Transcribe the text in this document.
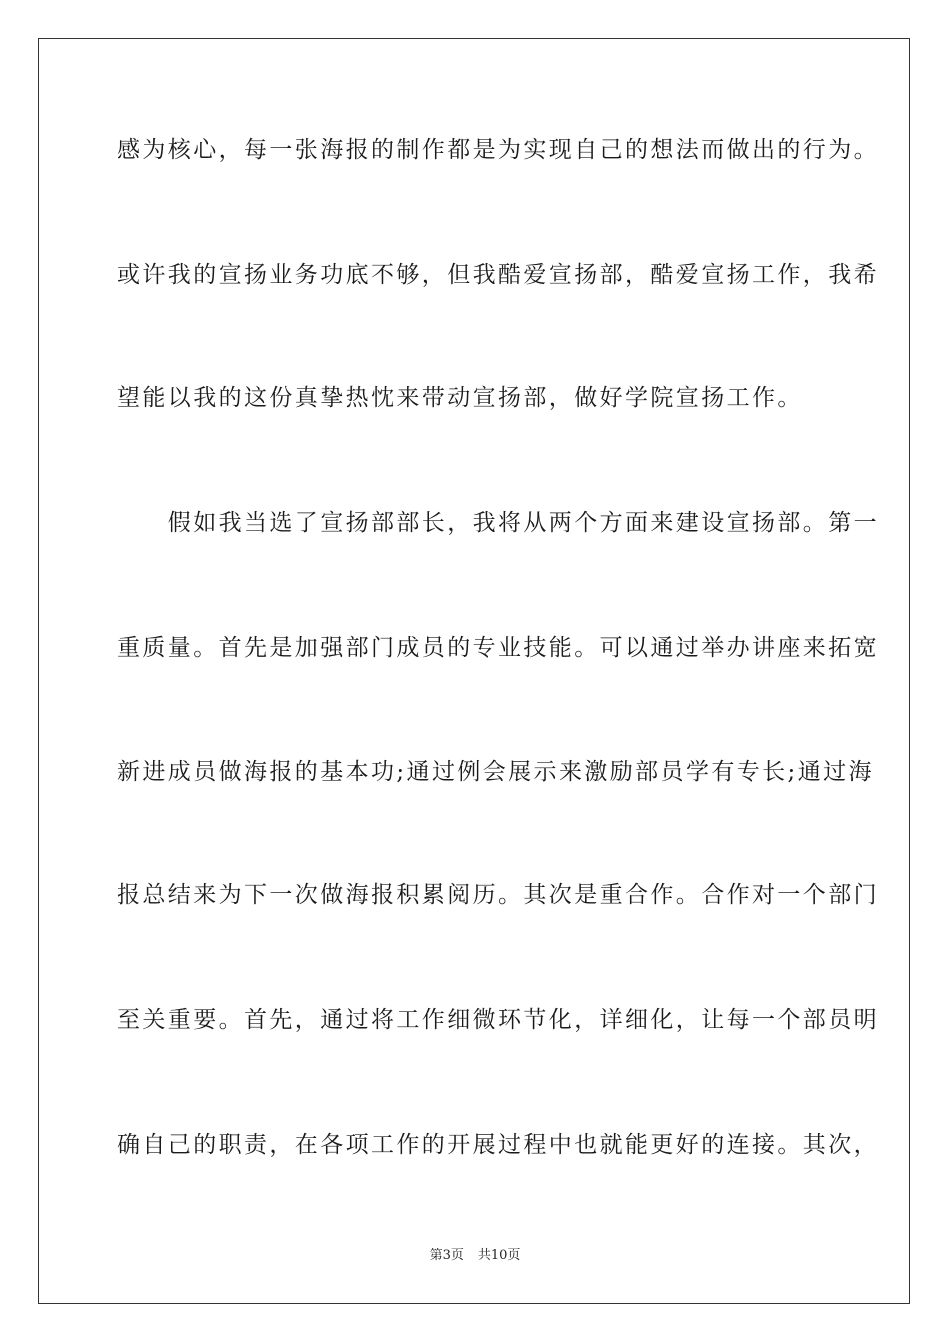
感为核心，每一张海报的制作都是为实现自己的想法而做出的行为。
或许我的宣扬业务功底不够，但我酷爱宣扬部，酷爱宣扬工作，我希
望能以我的这份真挚热忱来带动宣扬部，做好学院宣扬工作。
　　假如我当选了宣扬部部长，我将从两个方面来建设宣扬部。第一
重质量。首先是加强部门成员的专业技能。可以通过举办讲座来拓宽
新进成员做海报的基本功;通过例会展示来激励部员学有专长;通过海
报总结来为下一次做海报积累阅历。其次是重合作。合作对一个部门
至关重要。首先，通过将工作细微环节化，详细化，让每一个部员明
确自己的职责，在各项工作的开展过程中也就能更好的连接。其次，
第3页 共10页
